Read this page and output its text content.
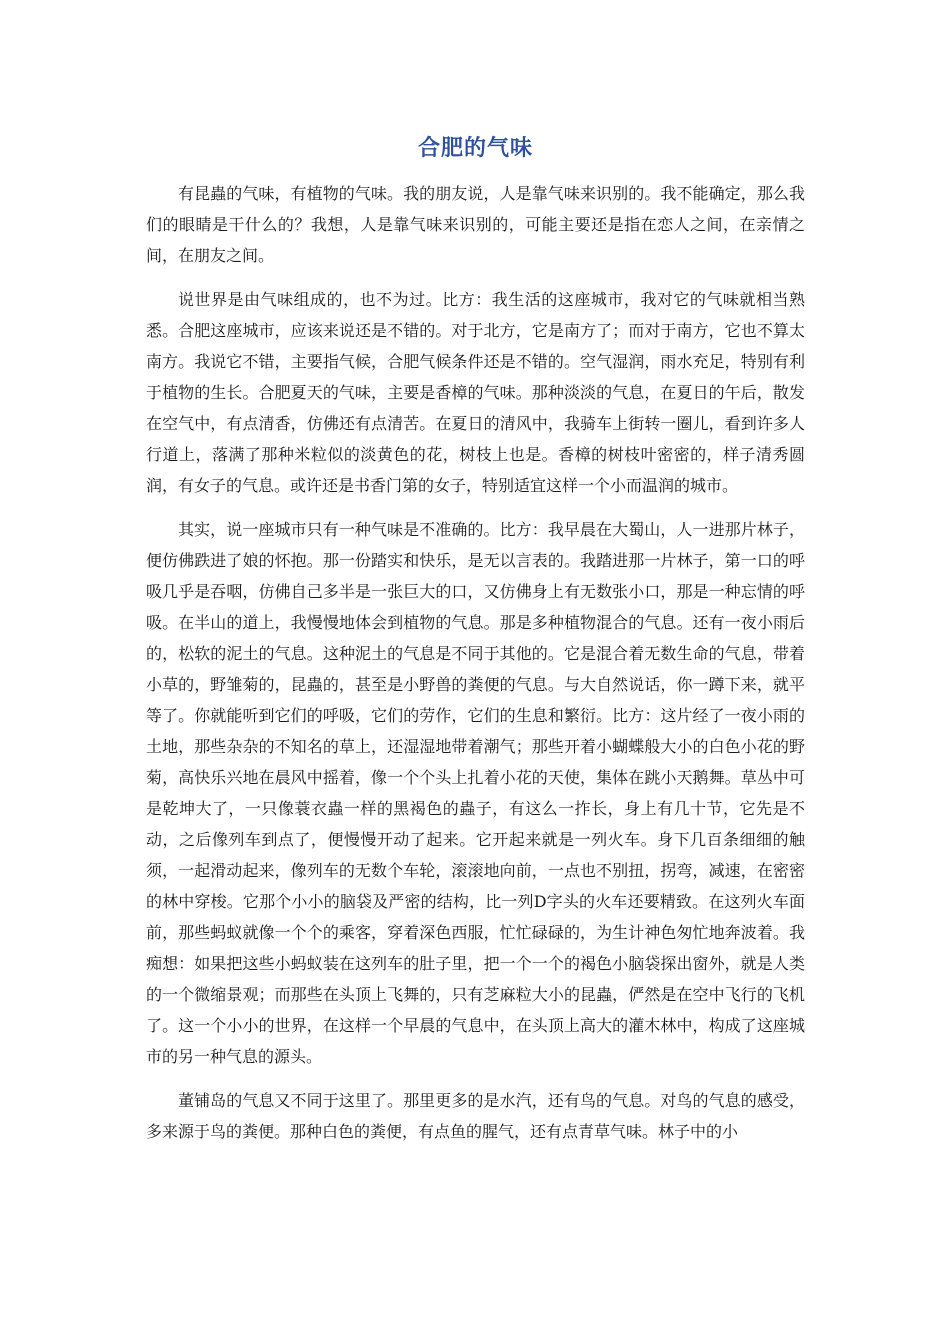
合肥的气味

有昆蟲的气味，有植物的气味。我的朋友说，人是靠气味来识别的。我不能确定，那么我们的眼睛是干什么的？我想，人是靠气味来识别的，可能主要还是指在恋人之间，在亲情之间，在朋友之间。

说世界是由气味组成的，也不为过。比方：我生活的这座城市，我对它的气味就相当熟悉。合肥这座城市，应该来说还是不错的。对于北方，它是南方了；而对于南方，它也不算太南方。我说它不错，主要指气候，合肥气候条件还是不错的。空气湿润，雨水充足，特别有利于植物的生长。合肥夏天的气味，主要是香樟的气味。那种淡淡的气息，在夏日的午后，散发在空气中，有点清香，仿佛还有点清苦。在夏日的清风中，我骑车上街转一圈儿，看到许多人行道上，落满了那种米粒似的淡黄色的花，树枝上也是。香樟的树枝叶密密的，样子清秀圆润，有女子的气息。或许还是书香门第的女子，特别适宜这样一个小而温润的城市。

其实，说一座城市只有一种气味是不准确的。比方：我早晨在大蜀山，人一进那片林子，便仿佛跌进了娘的怀抱。那一份踏实和快乐，是无以言表的。我踏进那一片林子，第一口的呼吸几乎是吞咽，仿佛自己多半是一张巨大的口，又仿佛身上有无数张小口，那是一种忘情的呼吸。在半山的道上，我慢慢地体会到植物的气息。那是多种植物混合的气息。还有一夜小雨后的，松软的泥土的气息。这种泥土的气息是不同于其他的。它是混合着无数生命的气息，带着小草的，野雏菊的，昆蟲的，甚至是小野兽的粪便的气息。与大自然说话，你一蹲下来，就平等了。你就能听到它们的呼吸，它们的劳作，它们的生息和繁衍。比方：这片经了一夜小雨的土地，那些杂杂的不知名的草上，还湿湿地带着潮气；那些开着小蝴蝶般大小的白色小花的野菊，高快乐兴地在晨风中摇着，像一个个头上扎着小花的天使，集体在跳小天鹅舞。草丛中可是乾坤大了，一只像蓑衣蟲一样的黑褐色的蟲子，有这么一拃长，身上有几十节，它先是不动，之后像列车到点了，便慢慢开动了起来。它开起来就是一列火车。身下几百条细细的触须，一起滑动起来，像列车的无数个车轮，滚滚地向前，一点也不别扭，拐弯，减速，在密密的林中穿梭。它那个小小的脑袋及严密的结构，比一列D字头的火车还要精致。在这列火车面前，那些蚂蚁就像一个个的乘客，穿着深色西服，忙忙碌碌的，为生计神色匆忙地奔波着。我痴想：如果把这些小蚂蚁装在这列车的肚子里，把一个一个的褐色小脑袋探出窗外，就是人类的一个微缩景观；而那些在头顶上飞舞的，只有芝麻粒大小的昆蟲，俨然是在空中飞行的飞机了。这一个小小的世界，在这样一个早晨的气息中，在头顶上高大的灌木林中，构成了这座城市的另一种气息的源头。

董铺岛的气息又不同于这里了。那里更多的是水汽，还有鸟的气息。对鸟的气息的感受，多来源于鸟的粪便。那种白色的粪便，有点鱼的腥气，还有点青草气味。林子中的小
